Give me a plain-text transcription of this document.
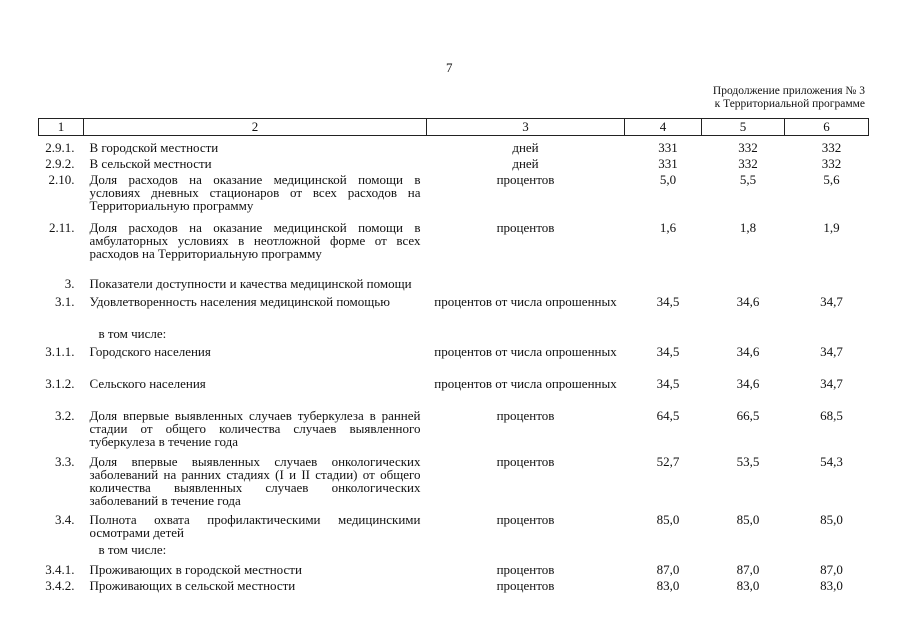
7
Продолжение приложения № 3
к Территориальной программе
1	2	3	4	5	6
2.9.1.	В городской местности	дней	331	332	332
2.9.2.	В сельской местности	дней	331	332	332
2.10.	Доля расходов на оказание медицинской помощи в условиях дневных стационаров от всех расходов на Территориальную программу	процентов	5,0	5,5	5,6
2.11.	Доля расходов на оказание медицинской помощи в амбулаторных условиях в неотложной форме от всех расходов на Территориальную программу	процентов	1,6	1,8	1,9
3.	Показатели доступности и качества медицинской помощи				
3.1.	Удовлетворенность населения медицинской помощью	процентов от числа опрошенных	34,5	34,6	34,7
	в том числе:				
3.1.1.	Городского населения	процентов от числа опрошенных	34,5	34,6	34,7
3.1.2.	Сельского населения	процентов от числа опрошенных	34,5	34,6	34,7
3.2.	Доля впервые выявленных случаев туберкулеза в ранней стадии от общего количества случаев выявленного туберкулеза в течение года	процентов	64,5	66,5	68,5
3.3.	Доля впервые выявленных случаев онкологических заболеваний на ранних стадиях (I и II стадии) от общего количества выявленных случаев онкологических заболеваний в течение года	процентов	52,7	53,5	54,3
3.4.	Полнота охвата профилактическими медицинскими осмотрами детей	процентов	85,0	85,0	85,0
	в том числе:				
3.4.1.	Проживающих в городской местности	процентов	87,0	87,0	87,0
3.4.2.	Проживающих в сельской местности	процентов	83,0	83,0	83,0
